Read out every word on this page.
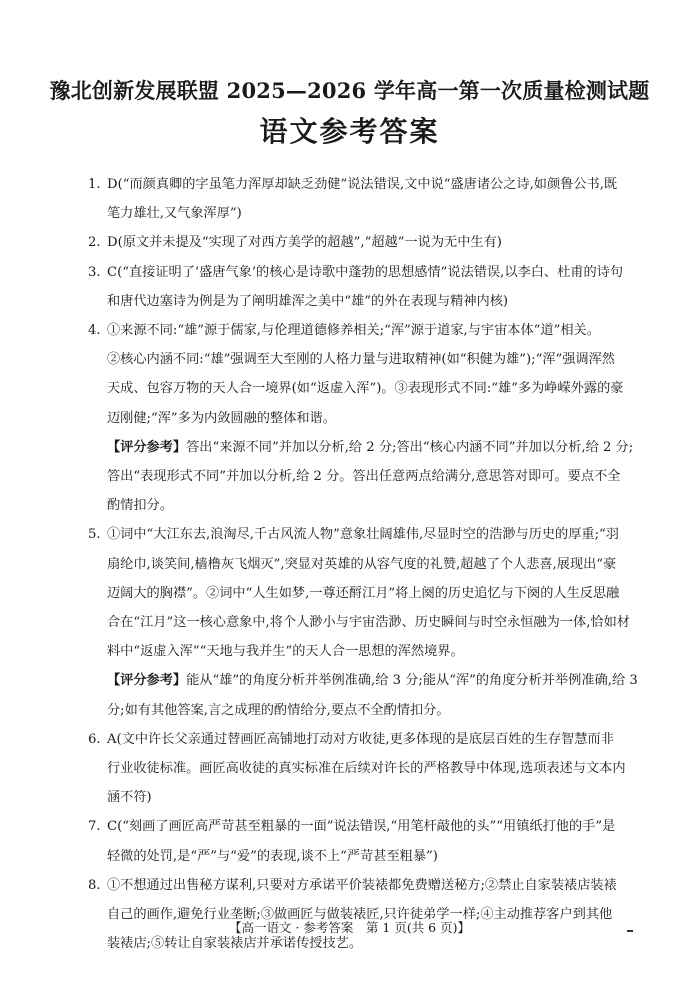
豫北创新发展联盟 2025—2026 学年高一第一次质量检测试题
语文参考答案
1. D(“而颜真卿的字虽笔力浑厚却缺乏劲健”说法错误,文中说“盛唐诸公之诗,如颜鲁公书,既
笔力雄壮,又气象浑厚”)
2. D(原文并未提及“实现了对西方美学的超越”,“超越”一说为无中生有)
3. C(“直接证明了‘盛唐气象’的核心是诗歌中蓬勃的思想感情”说法错误,以李白、杜甫的诗句
和唐代边塞诗为例是为了阐明雄浑之美中“雄”的外在表现与精神内核)
4. ①来源不同:“雄”源于儒家,与伦理道德修养相关;“浑”源于道家,与宇宙本体“道”相关。
②核心内涵不同:“雄”强调至大至刚的人格力量与进取精神(如“积健为雄”);“浑”强调浑然
天成、包容万物的天人合一境界(如“返虚入浑”)。③表现形式不同:“雄”多为峥嵘外露的豪
迈刚健;“浑”多为内敛圆融的整体和谐。
【评分参考】答出“来源不同”并加以分析,给 2 分;答出“核心内涵不同”并加以分析,给 2 分;
答出“表现形式不同”并加以分析,给 2 分。答出任意两点给满分,意思答对即可。要点不全
酌情扣分。
5. ①词中“大江东去,浪淘尽,千古风流人物”意象壮阔雄伟,尽显时空的浩渺与历史的厚重;“羽
扇纶巾,谈笑间,樯橹灰飞烟灭”,突显对英雄的从容气度的礼赞,超越了个人悲喜,展现出“豪
迈阔大的胸襟”。②词中“人生如梦,一尊还酹江月”将上阕的历史追忆与下阕的人生反思融
合在“江月”这一核心意象中,将个人渺小与宇宙浩渺、历史瞬间与时空永恒融为一体,恰如材
料中“返虚入浑”“天地与我并生”的天人合一思想的浑然境界。
【评分参考】能从“雄”的角度分析并举例准确,给 3 分;能从“浑”的角度分析并举例准确,给 3
分;如有其他答案,言之成理的酌情给分,要点不全酌情扣分。
6. A(文中许长父亲通过替画匠高铺地打动对方收徒,更多体现的是底层百姓的生存智慧而非
行业收徒标准。画匠高收徒的真实标准在后续对许长的严格教导中体现,选项表述与文本内
涵不符)
7. C(“刻画了画匠高严苛甚至粗暴的一面”说法错误,“用笔杆敲他的头”“用镇纸打他的手”是
轻微的处罚,是“严”与“爱”的表现,谈不上“严苛甚至粗暴”)
8. ①不想通过出售秘方谋利,只要对方承诺平价装裱都免费赠送秘方;②禁止自家装裱店装裱
自己的画作,避免行业垄断;③做画匠与做装裱匠,只许徒弟学一样;④主动推荐客户到其他
装裱店;⑤转让自家装裱店并承诺传授技艺。
【高一语文 · 参考答案　第 1 页(共 6 页)】
